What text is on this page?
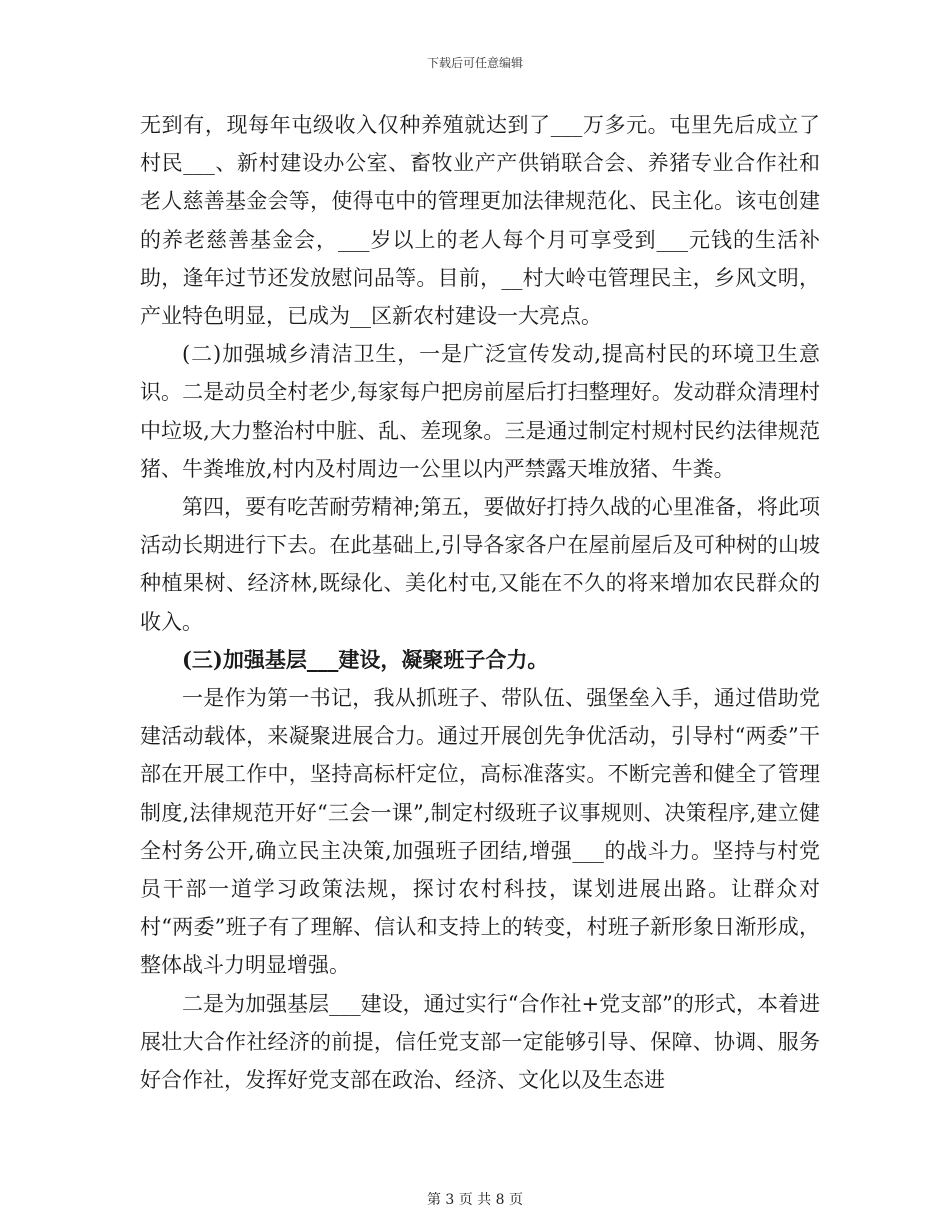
下载后可任意编辑

无到有，现每年屯级收入仅种养殖就达到了___万多元。屯里先后成立了村民___、新村建设办公室、畜牧业产产供销联合会、养猪专业合作社和老人慈善基金会等，使得屯中的管理更加法律规范化、民主化。该屯创建的养老慈善基金会，___岁以上的老人每个月可享受到___元钱的生活补助，逢年过节还发放慰问品等。目前，__村大岭屯管理民主，乡风文明，产业特色明显，已成为__区新农村建设一大亮点。

(二)加强城乡清洁卫生，一是广泛宣传发动,提高村民的环境卫生意识。二是动员全村老少,每家每户把房前屋后打扫整理好。发动群众清理村中垃圾,大力整治村中脏、乱、差现象。三是通过制定村规村民约法律规范猪、牛粪堆放,村内及村周边一公里以内严禁露天堆放猪、牛粪。

第四，要有吃苦耐劳精神;第五，要做好打持久战的心里准备，将此项活动长期进行下去。在此基础上,引导各家各户在屋前屋后及可种树的山坡种植果树、经济林,既绿化、美化村屯,又能在不久的将来增加农民群众的收入。

(三)加强基层___建设，凝聚班子合力。

一是作为第一书记，我从抓班子、带队伍、强堡垒入手，通过借助党建活动载体，来凝聚进展合力。通过开展创先争优活动，引导村“两委”干部在开展工作中，坚持高标杆定位，高标准落实。不断完善和健全了管理制度,法律规范开好“三会一课”,制定村级班子议事规则、决策程序,建立健全村务公开,确立民主决策,加强班子团结,增强___的战斗力。坚持与村党员干部一道学习政策法规，探讨农村科技，谋划进展出路。让群众对村“两委”班子有了理解、信认和支持上的转变，村班子新形象日渐形成，整体战斗力明显增强。

二是为加强基层___建设，通过实行“合作社+党支部”的形式，本着进展壮大合作社经济的前提，信任党支部一定能够引导、保障、协调、服务好合作社，发挥好党支部在政治、经济、文化以及生态进

第 3 页 共 8 页
